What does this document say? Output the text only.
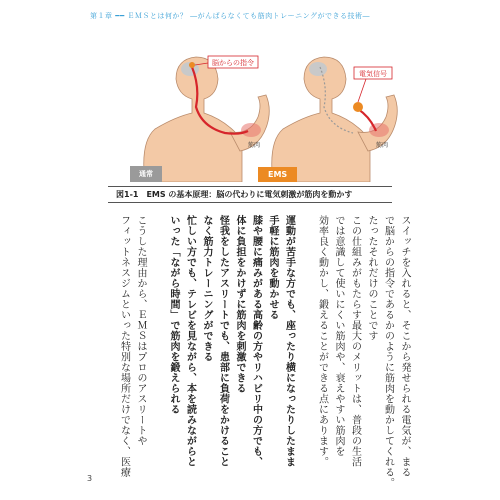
第１章 ━━ ＥＭＳとは何か？ ―がんばらなくても筋肉トレーニングができる技術―
脳からの指令
筋肉
通常
電気信号
筋肉
EMS
図1-1　EMS の基本原理：脳の代わりに電気刺激が筋肉を動かす
スイッチを入れると、そこから発せられる電気が、まる
で脳からの指令であるかのように筋肉を動かしてくれる。
たったそれだけのことです
この仕組みがもたらす最大のメリットは、普段の生活
では意識して使いにくい筋肉や、衰えやすい筋肉を
効率良く動かし、鍛えることができる点にあります。
運動が苦手な方でも、座ったり横になったりしたまま
手軽に筋肉を動かせる
膝や腰に痛みがある高齢の方やリハビリ中の方でも、
体に負担をかけずに筋肉を刺激できる
怪我をしたアスリートでも、患部に負荷をかけること
なく筋力トレーニングができる
忙しい方でも、テレビを見ながら、本を読みながらと
いった「ながら時間」で筋肉を鍛えられる
こうした理由から、ＥＭＳはプロのアスリートや
フィットネスジムといった特別な場所だけでなく、医療
3
